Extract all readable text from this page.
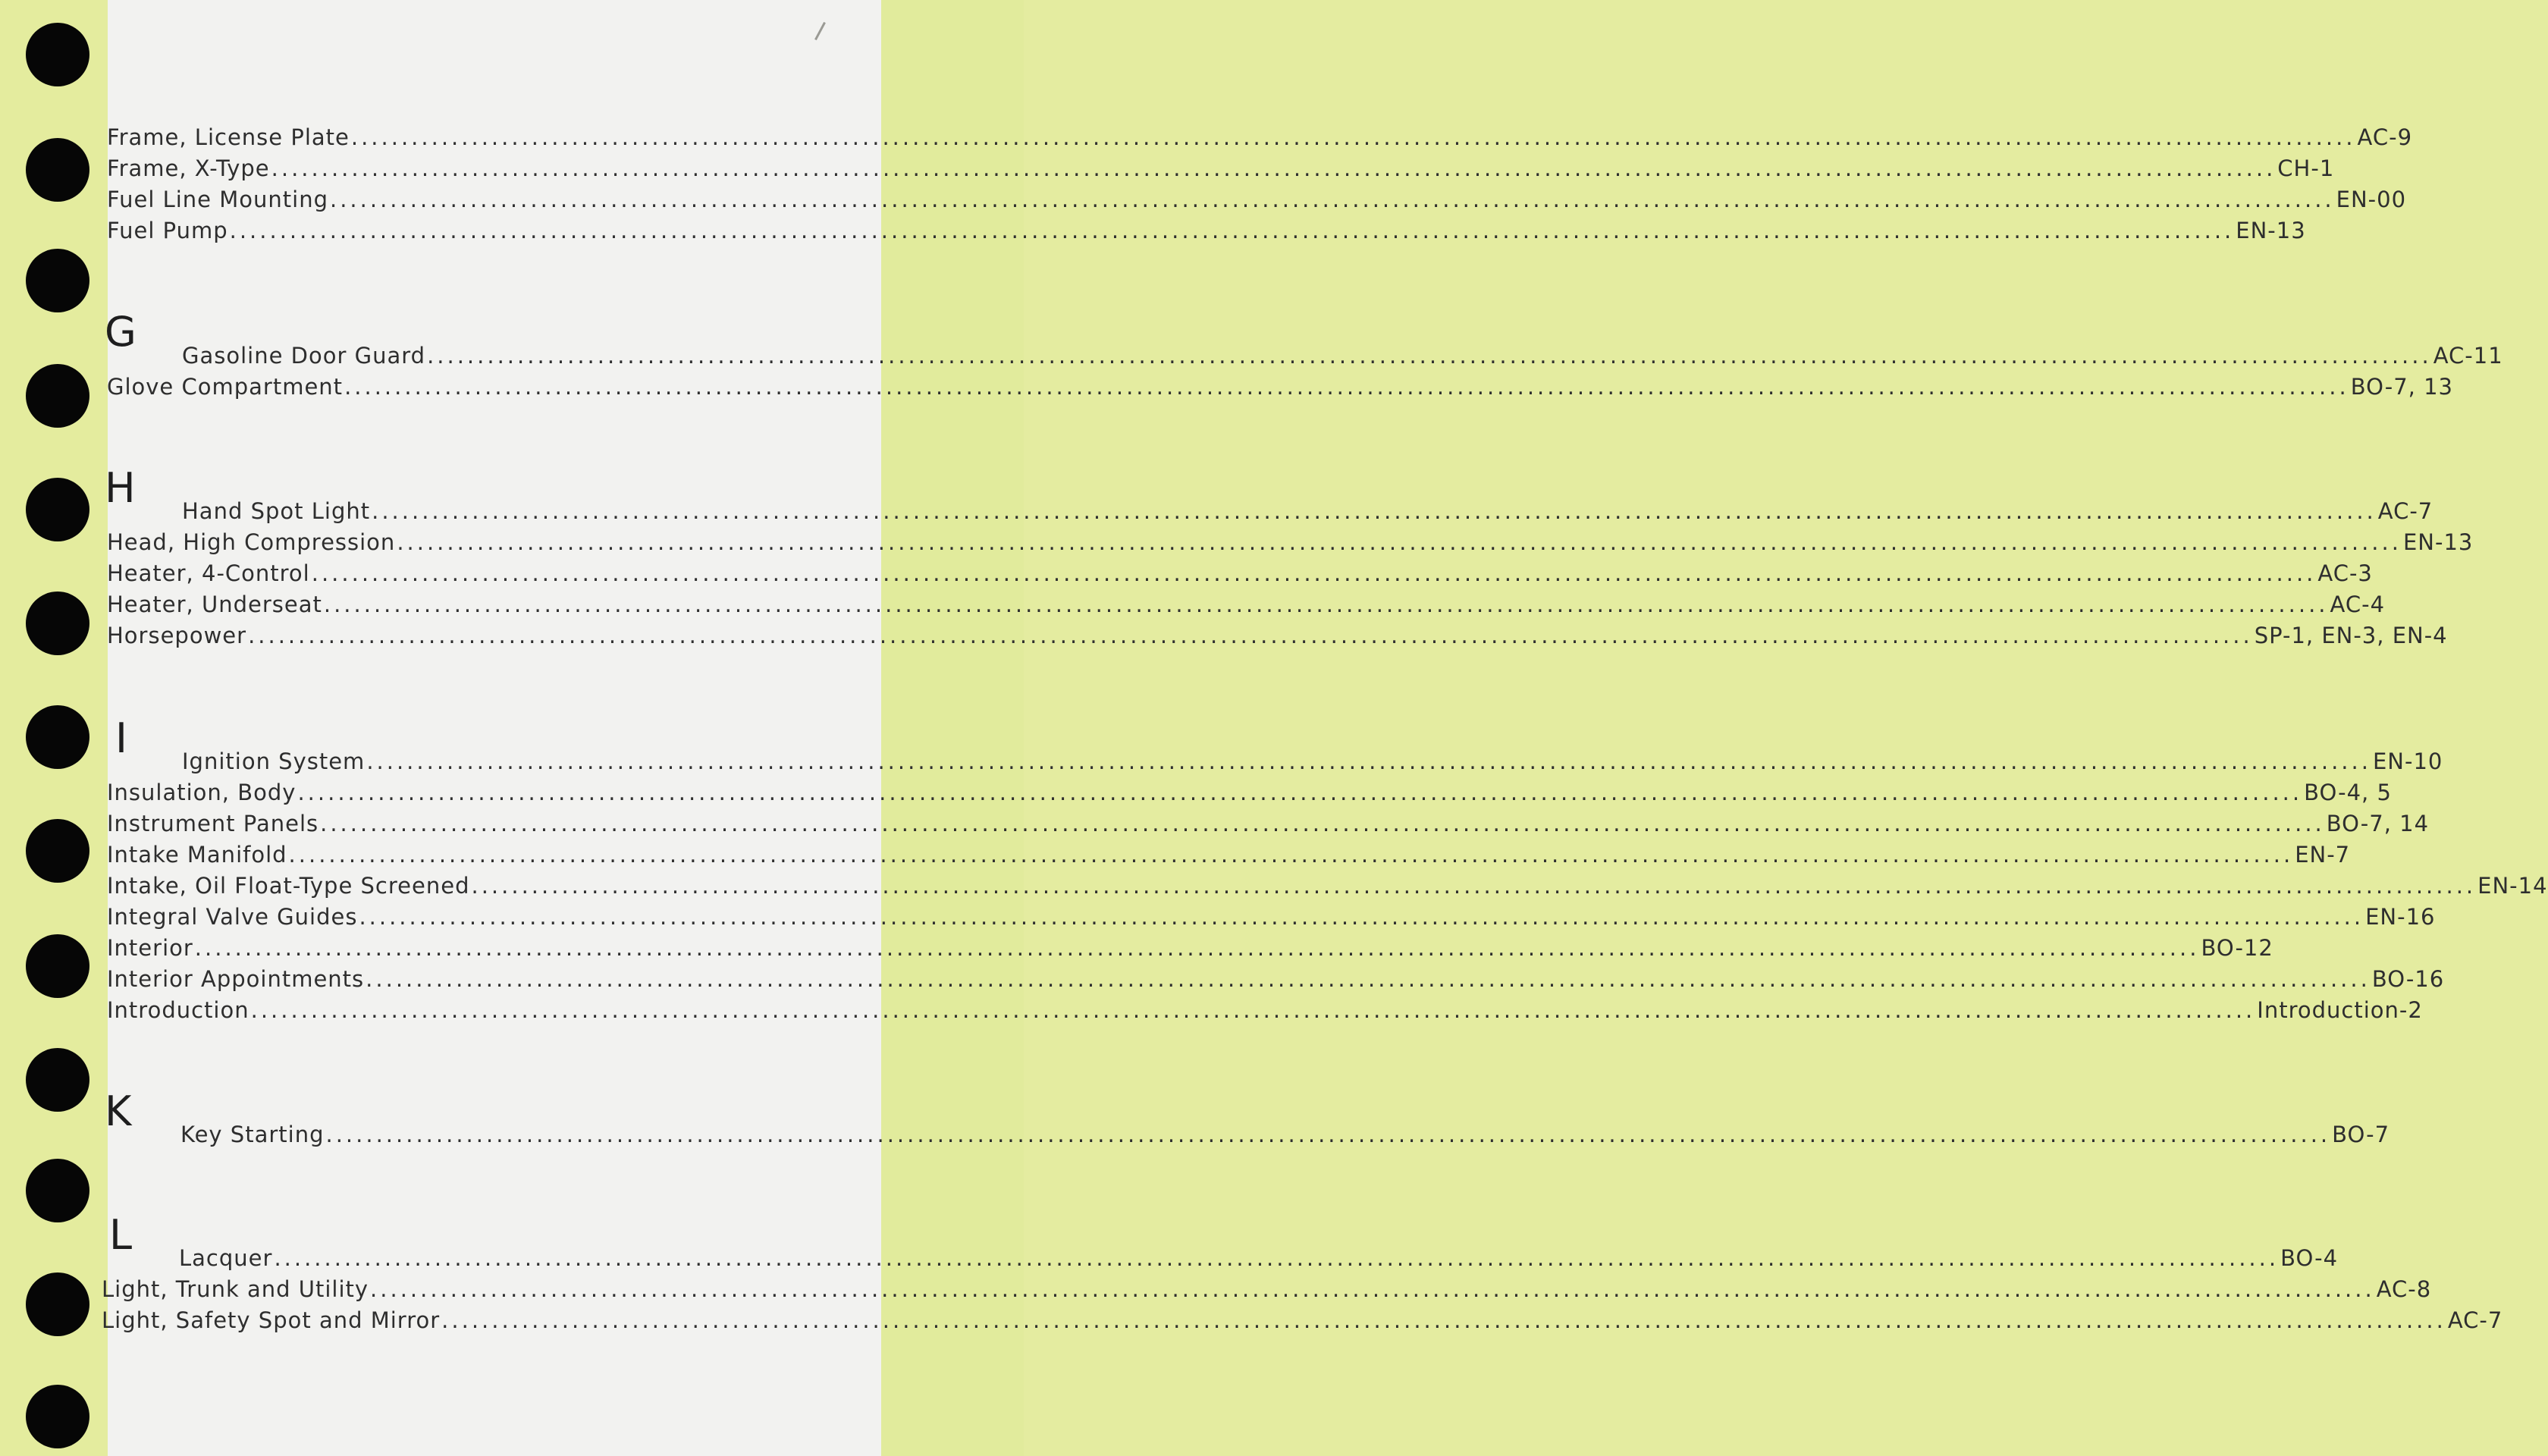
Frame, License Plate ........................................................................................................................................................................................................ AC-9
Frame, X-Type ........................................................................................................................................................................................................ CH-1
Fuel Line Mounting ........................................................................................................................................................................................................ EN-00
Fuel Pump ........................................................................................................................................................................................................ EN-13
G Gasoline Door Guard ........................................................................................................................................................................................................ AC-11
Glove Compartment ........................................................................................................................................................................................................ BO-7, 13
H Hand Spot Light ........................................................................................................................................................................................................ AC-7
Head, High Compression ........................................................................................................................................................................................................ EN-13
Heater, 4-Control ........................................................................................................................................................................................................ AC-3
Heater, Underseat ........................................................................................................................................................................................................ AC-4
Horsepower ........................................................................................................................................................................................................ SP-1, EN-3, EN-4
I Ignition System ........................................................................................................................................................................................................ EN-10
Insulation, Body ........................................................................................................................................................................................................ BO-4, 5
Instrument Panels ........................................................................................................................................................................................................ BO-7, 14
Intake Manifold ........................................................................................................................................................................................................ EN-7
Intake, Oil Float-Type Screened ........................................................................................................................................................................................................ EN-14
Integral Valve Guides ........................................................................................................................................................................................................ EN-16
Interior ........................................................................................................................................................................................................ BO-12
Interior Appointments ........................................................................................................................................................................................................ BO-16
Introduction ........................................................................................................................................................................................................ Introduction-2
K Key Starting ........................................................................................................................................................................................................ BO-7
L Lacquer ........................................................................................................................................................................................................ BO-4
Light, Trunk and Utility ........................................................................................................................................................................................................ AC-8
Light, Safety Spot and Mirror ........................................................................................................................................................................................................ AC-7
